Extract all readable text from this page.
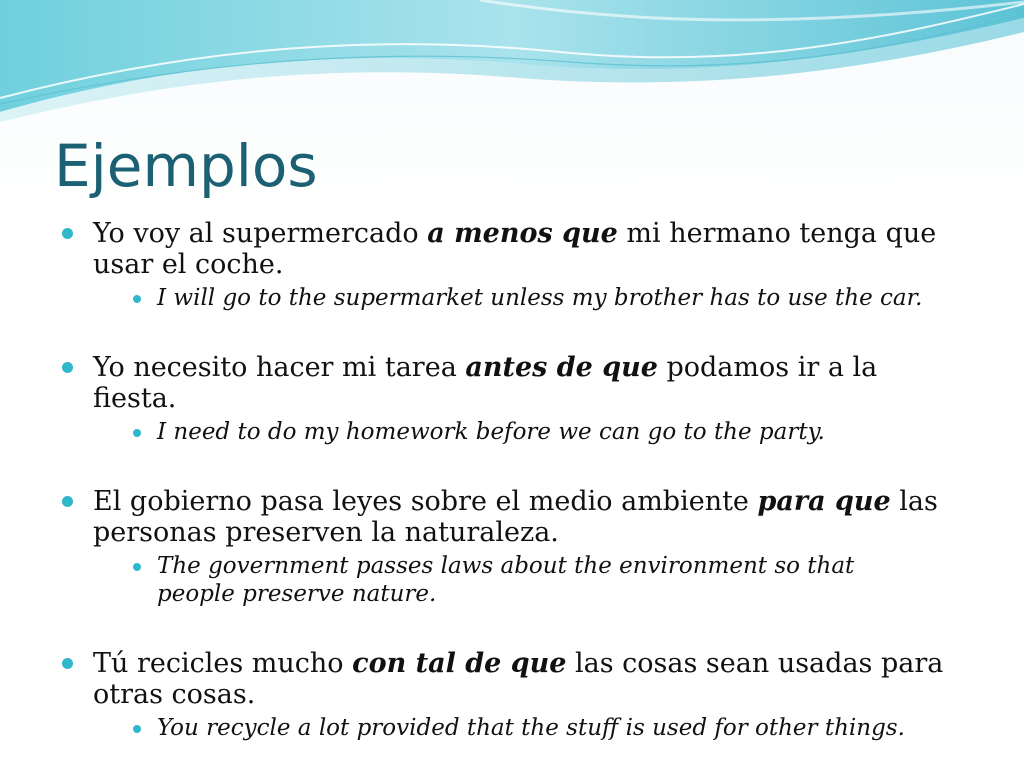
Ejemplos
Yo voy al supermercado a menos que mi hermano tenga que usar el coche.
I will go to the supermarket unless my brother has to use the car.
Yo necesito hacer mi tarea antes de que podamos ir a la fiesta.
I need to do my homework before we can go to the party.
El gobierno pasa leyes sobre el medio ambiente para que las personas preserven la naturaleza.
The government passes laws about the environment so that people preserve nature.
Tú recicles mucho con tal de que las cosas sean usadas para otras cosas.
You recycle a lot provided that the stuff is used for other things.
